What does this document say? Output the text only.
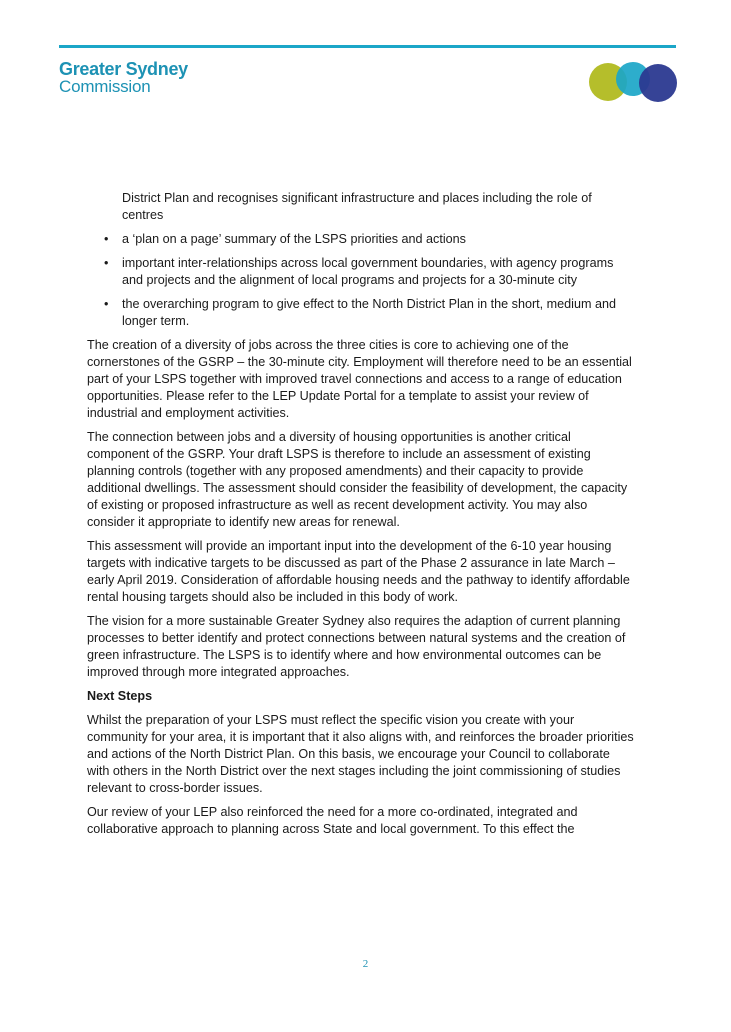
Greater Sydney
Commission

District Plan and recognises significant infrastructure and places including the role of centres

• a ‘plan on a page’ summary of the LSPS priorities and actions
• important inter-relationships across local government boundaries, with agency programs and projects and the alignment of local programs and projects for a 30-minute city
• the overarching program to give effect to the North District Plan in the short, medium and longer term.

The creation of a diversity of jobs across the three cities is core to achieving one of the cornerstones of the GSRP – the 30-minute city. Employment will therefore need to be an essential part of your LSPS together with improved travel connections and access to a range of education opportunities. Please refer to the LEP Update Portal for a template to assist your review of industrial and employment activities.

The connection between jobs and a diversity of housing opportunities is another critical component of the GSRP. Your draft LSPS is therefore to include an assessment of existing planning controls (together with any proposed amendments) and their capacity to provide additional dwellings. The assessment should consider the feasibility of development, the capacity of existing or proposed infrastructure as well as recent development activity. You may also consider it appropriate to identify new areas for renewal.

This assessment will provide an important input into the development of the 6-10 year housing targets with indicative targets to be discussed as part of the Phase 2 assurance in late March – early April 2019. Consideration of affordable housing needs and the pathway to identify affordable rental housing targets should also be included in this body of work.

The vision for a more sustainable Greater Sydney also requires the adaption of current planning processes to better identify and protect connections between natural systems and the creation of green infrastructure. The LSPS is to identify where and how environmental outcomes can be improved through more integrated approaches.

Next Steps

Whilst the preparation of your LSPS must reflect the specific vision you create with your community for your area, it is important that it also aligns with, and reinforces the broader priorities and actions of the North District Plan. On this basis, we encourage your Council to collaborate with others in the North District over the next stages including the joint commissioning of studies relevant to cross-border issues.

Our review of your LEP also reinforced the need for a more co-ordinated, integrated and collaborative approach to planning across State and local government. To this effect the

2
